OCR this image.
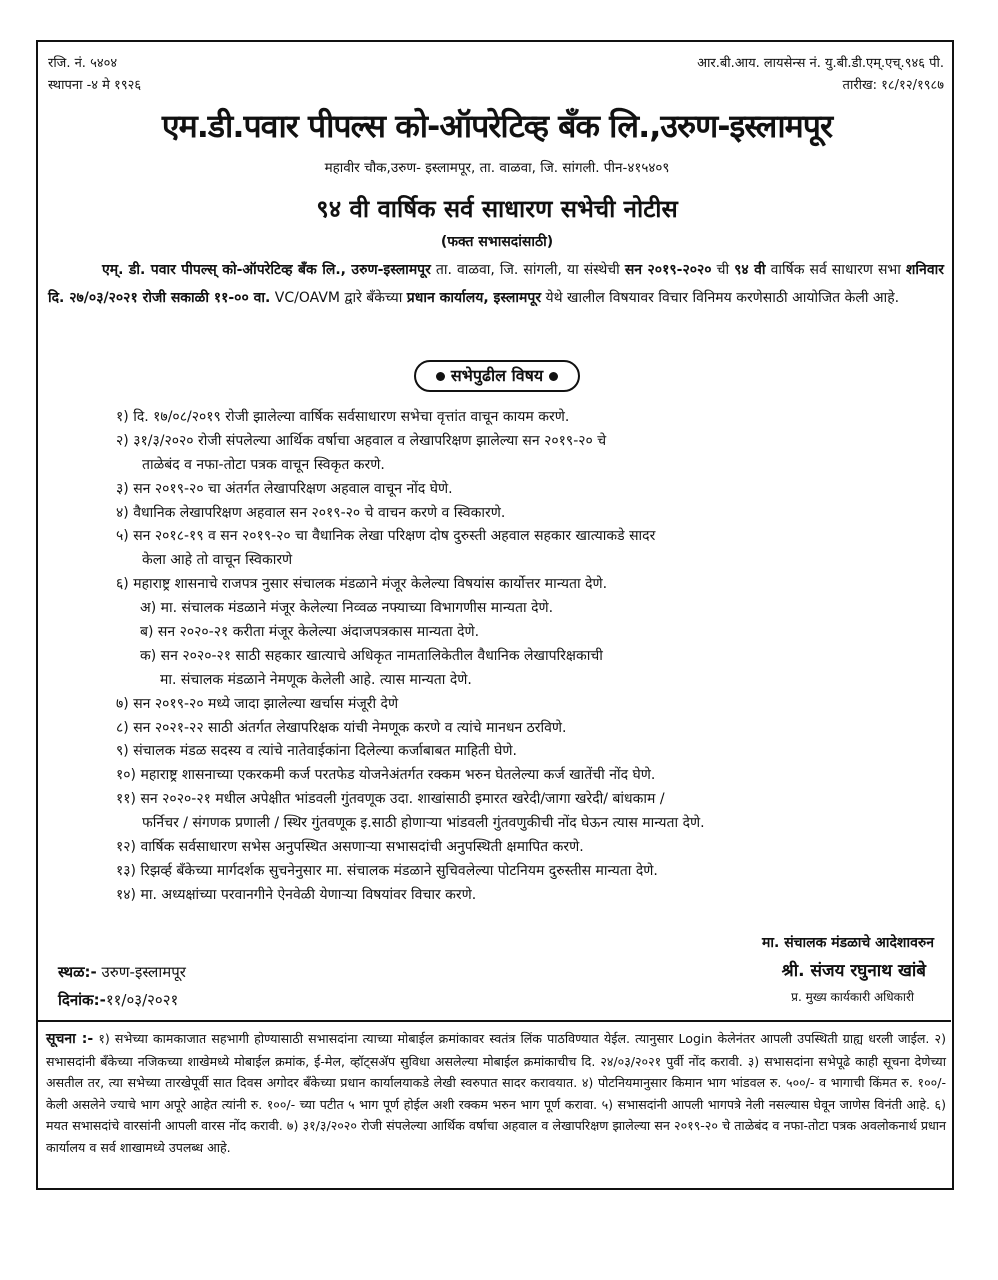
रजि. नं. ५४०४
स्थापना -४ मे १९२६
आर.बी.आय. लायसेन्स नं. यु.बी.डी.एम्.एच्.९४६ पी.
तारीख: १८/१२/१९८७
एम.डी.पवार पीपल्स को-ऑपरेटिव्ह बँक लि.,उरुण-इस्लामपूर
महावीर चौक,उरुण- इस्लामपूर, ता. वाळवा, जि. सांगली. पीन-४१५४०९
९४ वी वार्षिक सर्व साधारण सभेची नोटीस
(फक्त सभासदांसाठी)
एम्. डी. पवार पीपल्स् को-ऑपरेटिव्ह बँक लि., उरुण-इस्लामपूर ता. वाळवा, जि. सांगली, या संस्थेची सन २०१९-२०२० ची ९४ वी वार्षिक सर्व साधारण सभा शनिवार दि. २७/०३/२०२१ रोजी सकाळी ११-०० वा. VC/OAVM द्वारे बँकेच्या प्रधान कार्यालय, इस्लामपूर येथे खालील विषयावर विचार विनिमय करणेसाठी आयोजित केली आहे.
सभेपुढील विषय
१) दि. १७/०८/२०१९ रोजी झालेल्या वार्षिक सर्वसाधारण सभेचा वृत्तांत वाचून कायम करणे.
२) ३१/३/२०२० रोजी संपलेल्या आर्थिक वर्षाचा अहवाल व लेखापरिक्षण झालेल्या सन २०१९-२० चे
ताळेबंद व नफा-तोटा पत्रक वाचून स्विकृत करणे.
३) सन २०१९-२० चा अंतर्गत लेखापरिक्षण अहवाल वाचून नोंद घेणे.
४) वैधानिक लेखापरिक्षण अहवाल सन २०१९-२० चे वाचन करणे व स्विकारणे.
५) सन २०१८-१९ व सन २०१९-२० चा वैधानिक लेखा परिक्षण दोष दुरुस्ती अहवाल सहकार खात्याकडे सादर
केला आहे तो वाचून स्विकारणे
६) महाराष्ट्र शासनाचे राजपत्र नुसार संचालक मंडळाने मंजूर केलेल्या विषयांस कार्योत्तर मान्यता देणे.
अ) मा. संचालक मंडळाने मंजूर केलेल्या निव्वळ नफ्याच्या विभागणीस मान्यता देणे.
ब) सन २०२०-२१ करीता मंजूर केलेल्या अंदाजपत्रकास मान्यता देणे.
क) सन २०२०-२१ साठी सहकार खात्याचे अधिकृत नामतालिकेतील वैधानिक लेखापरिक्षकाची
मा. संचालक मंडळाने नेमणूक केलेली आहे. त्यास मान्यता देणे.
७) सन २०१९-२० मध्ये जादा झालेल्या खर्चास मंजूरी देणे
८) सन २०२१-२२ साठी अंतर्गत लेखापरिक्षक यांची नेमणूक करणे व त्यांचे मानधन ठरविणे.
९) संचालक मंडळ सदस्य व त्यांचे नातेवाईकांना दिलेल्या कर्जाबाबत माहिती घेणे.
१०) महाराष्ट्र शासनाच्या एकरकमी कर्ज परतफेड योजनेअंतर्गत रक्कम भरुन घेतलेल्या कर्ज खातेंची नोंद घेणे.
११) सन २०२०-२१ मधील अपेक्षीत भांडवली गुंतवणूक उदा. शाखांसाठी इमारत खरेदी/जागा खरेदी/ बांधकाम /
फर्निचर / संगणक प्रणाली / स्थिर गुंतवणूक इ.साठी होणाऱ्या भांडवली गुंतवणुकीची नोंद घेऊन त्यास मान्यता देणे.
१२) वार्षिक सर्वसाधारण सभेस अनुपस्थित असणाऱ्या सभासदांची अनुपस्थिती क्षमापित करणे.
१३) रिझर्व्ह बँकेच्या मार्गदर्शक सुचनेनुसार मा. संचालक मंडळाने सुचिवलेल्या पोटनियम दुरुस्तीस मान्यता देणे.
१४) मा. अध्यक्षांच्या परवानगीने ऐनवेळी येणाऱ्या विषयांवर विचार करणे.
स्थळ:- उरुण-इस्लामपूर
दिनांक:-११/०३/२०२१
मा. संचालक मंडळाचे आदेशावरुन
श्री. संजय रघुनाथ खांबे
प्र. मुख्य कार्यकारी अधिकारी
सूचना :- १) सभेच्या कामकाजात सहभागी होण्यासाठी सभासदांना त्याच्या मोबाईल क्रमांकावर स्वतंत्र लिंक पाठविण्यात येईल. त्यानुसार Login केलेनंतर आपली उपस्थिती ग्राह्य धरली जाईल. २) सभासदांनी बँकेच्या नजिकच्या शाखेमध्ये मोबाईल क्रमांक, ई-मेल, व्हॉट्सॲप सुविधा असलेल्या मोबाईल क्रमांकाचीच दि. २४/०३/२०२१ पुर्वी नोंद करावी. ३) सभासदांना सभेपूढे काही सूचना देणेच्या असतील तर, त्या सभेच्या तारखेपूर्वी सात दिवस अगोदर बँकेच्या प्रधान कार्यालयाकडे लेखी स्वरुपात सादर करावयात. ४) पोटनियमानुसार किमान भाग भांडवल रु. ५००/- व भागाची किंमत रु. १००/- केली असलेने ज्याचे भाग अपूरे आहेत त्यांनी रु. १००/- च्या पटीत ५ भाग पूर्ण होईल अशी रक्कम भरुन भाग पूर्ण करावा. ५) सभासदांनी आपली भागपत्रे नेली नसल्यास घेवून जाणेस विनंती आहे. ६) मयत सभासदांचे वारसांनी आपली वारस नोंद करावी. ७) ३१/३/२०२० रोजी संपलेल्या आर्थिक वर्षाचा अहवाल व लेखापरिक्षण झालेल्या सन २०१९-२० चे ताळेबंद व नफा-तोटा पत्रक अवलोकनार्थ प्रधान कार्यालय व सर्व शाखामध्ये उपलब्ध आहे.
